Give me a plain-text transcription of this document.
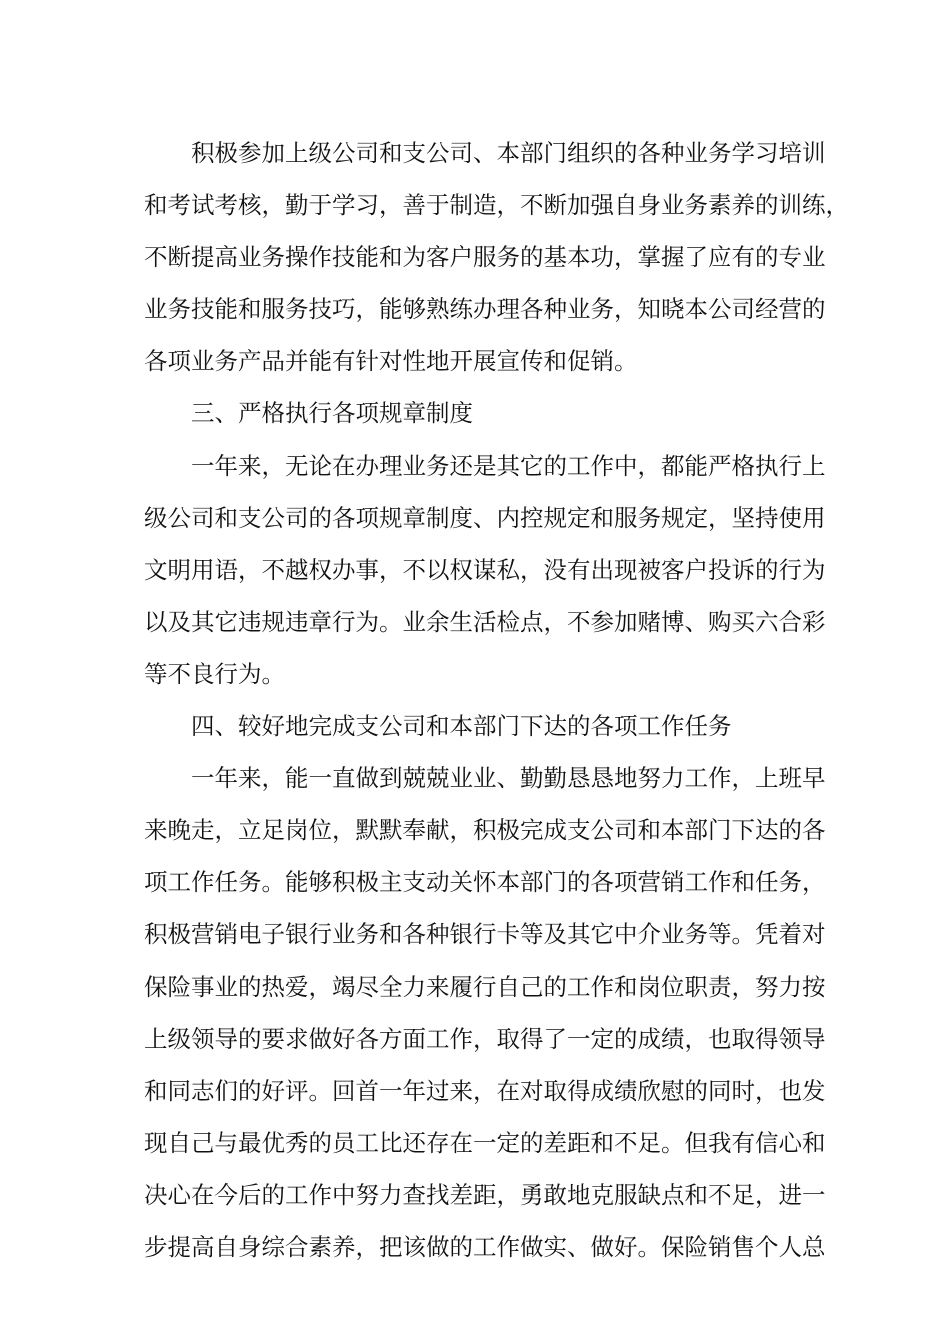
积极参加上级公司和支公司、本部门组织的各种业务学习培训
和考试考核，勤于学习，善于制造，不断加强自身业务素养的训练，
不断提高业务操作技能和为客户服务的基本功，掌握了应有的专业
业务技能和服务技巧，能够熟练办理各种业务，知晓本公司经营的
各项业务产品并能有针对性地开展宣传和促销。
三、严格执行各项规章制度
一年来，无论在办理业务还是其它的工作中，都能严格执行上
级公司和支公司的各项规章制度、内控规定和服务规定，坚持使用
文明用语，不越权办事，不以权谋私，没有出现被客户投诉的行为
以及其它违规违章行为。业余生活检点，不参加赌博、购买六合彩
等不良行为。
四、较好地完成支公司和本部门下达的各项工作任务
一年来，能一直做到兢兢业业、勤勤恳恳地努力工作，上班早
来晚走，立足岗位，默默奉献，积极完成支公司和本部门下达的各
项工作任务。能够积极主支动关怀本部门的各项营销工作和任务，
积极营销电子银行业务和各种银行卡等及其它中介业务等。凭着对
保险事业的热爱，竭尽全力来履行自己的工作和岗位职责，努力按
上级领导的要求做好各方面工作，取得了一定的成绩，也取得领导
和同志们的好评。回首一年过来，在对取得成绩欣慰的同时，也发
现自己与最优秀的员工比还存在一定的差距和不足。但我有信心和
决心在今后的工作中努力查找差距，勇敢地克服缺点和不足，进一
步提高自身综合素养，把该做的工作做实、做好。保险销售个人总
